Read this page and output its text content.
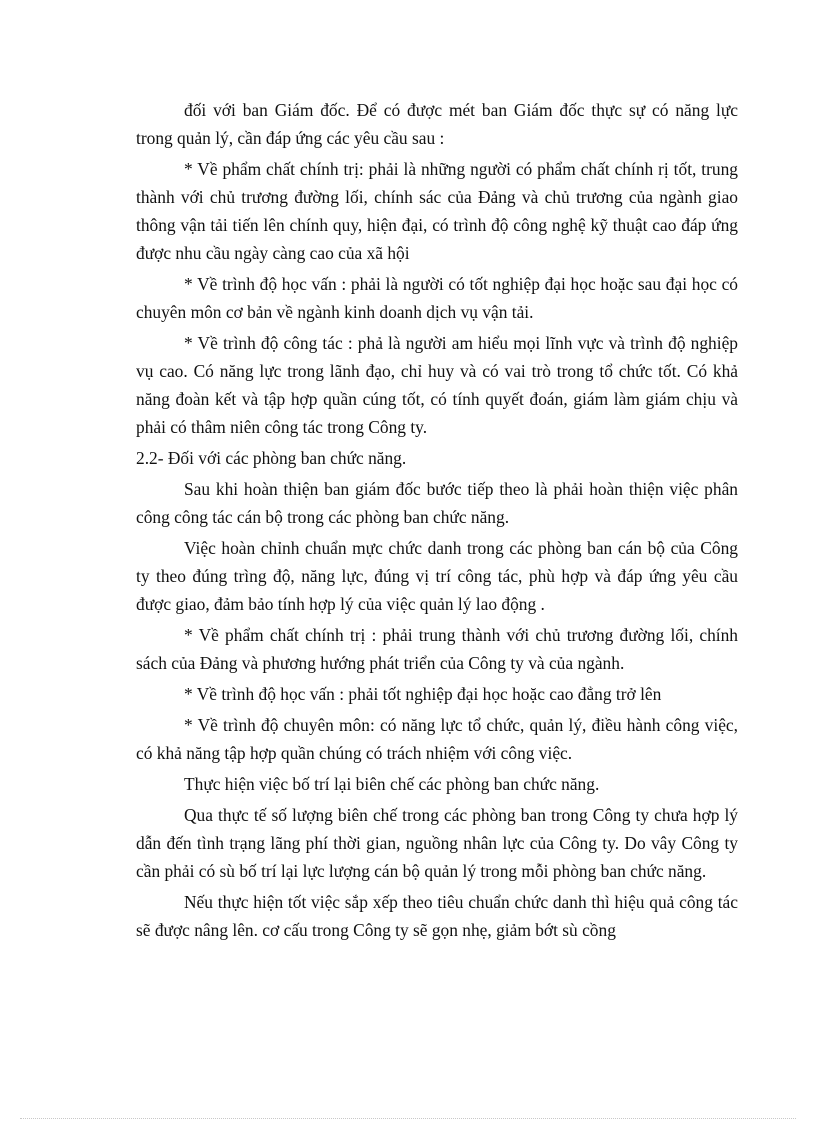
đối với ban Giám đốc. Để có được mét ban Giám đốc thực sự có năng lực trong quản lý, cần đáp ứng các yêu cầu sau :

* Về phẩm chất chính trị: phải là những người có phẩm chất chính rị tốt, trung thành với chủ trương đường lối, chính sác của Đảng và chủ trương của ngành giao thông vận tải tiến lên chính quy, hiện đại, có trình độ công nghệ kỹ thuật cao đáp ứng được nhu cầu ngày càng cao của xã hội

* Về trình độ học vấn : phải là người có tốt nghiệp đại học hoặc sau đại học có chuyên môn cơ bản về ngành kinh doanh dịch vụ vận tải.

* Về trình độ công tác : phả là người am hiểu mọi lĩnh vực và trình độ nghiệp vụ cao. Có năng lực trong lãnh đạo, chỉ huy và có vai trò trong tổ chức tốt. Có khả năng đoàn kết và tập hợp quần cúng tốt, có tính quyết đoán, giám làm giám chịu và phải có thâm niên công tác trong Công ty.

2.2- Đối với các phòng ban chức năng.

Sau khi hoàn thiện ban giám đốc bước tiếp theo là phải hoàn thiện việc phân công công tác cán bộ trong các phòng ban chức năng.

Việc hoàn chỉnh chuẩn mực chức danh trong các phòng ban cán bộ của Công ty theo đúng trìng độ, năng lực, đúng vị trí công tác, phù hợp và đáp ứng yêu cầu được giao, đảm bảo tính hợp lý của việc quản lý lao động .

* Về phẩm chất chính trị : phải trung thành với chủ trương đường lối, chính sách của Đảng và phương hướng phát triển của Công ty và của ngành.

* Về trình độ học vấn : phải tốt nghiệp đại học hoặc cao đẳng trở lên

* Về trình độ chuyên môn: có năng lực tổ chức, quản lý, điều hành công việc, có khả năng tập hợp quần chúng có trách nhiệm với công việc.

Thực hiện việc bố trí lại biên chế các phòng ban chức năng.

Qua thực tế số lượng biên chế trong các phòng ban trong Công ty chưa hợp lý dẫn đến tình trạng lãng phí thời gian, nguồng nhân lực của Công ty. Do vây Công ty cần phải có sù bố trí lại lực lượng cán bộ quản lý trong mỗi phòng ban chức năng.

Nếu thực hiện tốt việc sắp xếp theo tiêu chuẩn chức danh thì hiệu quả công tác sẽ được nâng lên. cơ cấu trong Công ty sẽ gọn nhẹ, giảm bớt sù cồng
